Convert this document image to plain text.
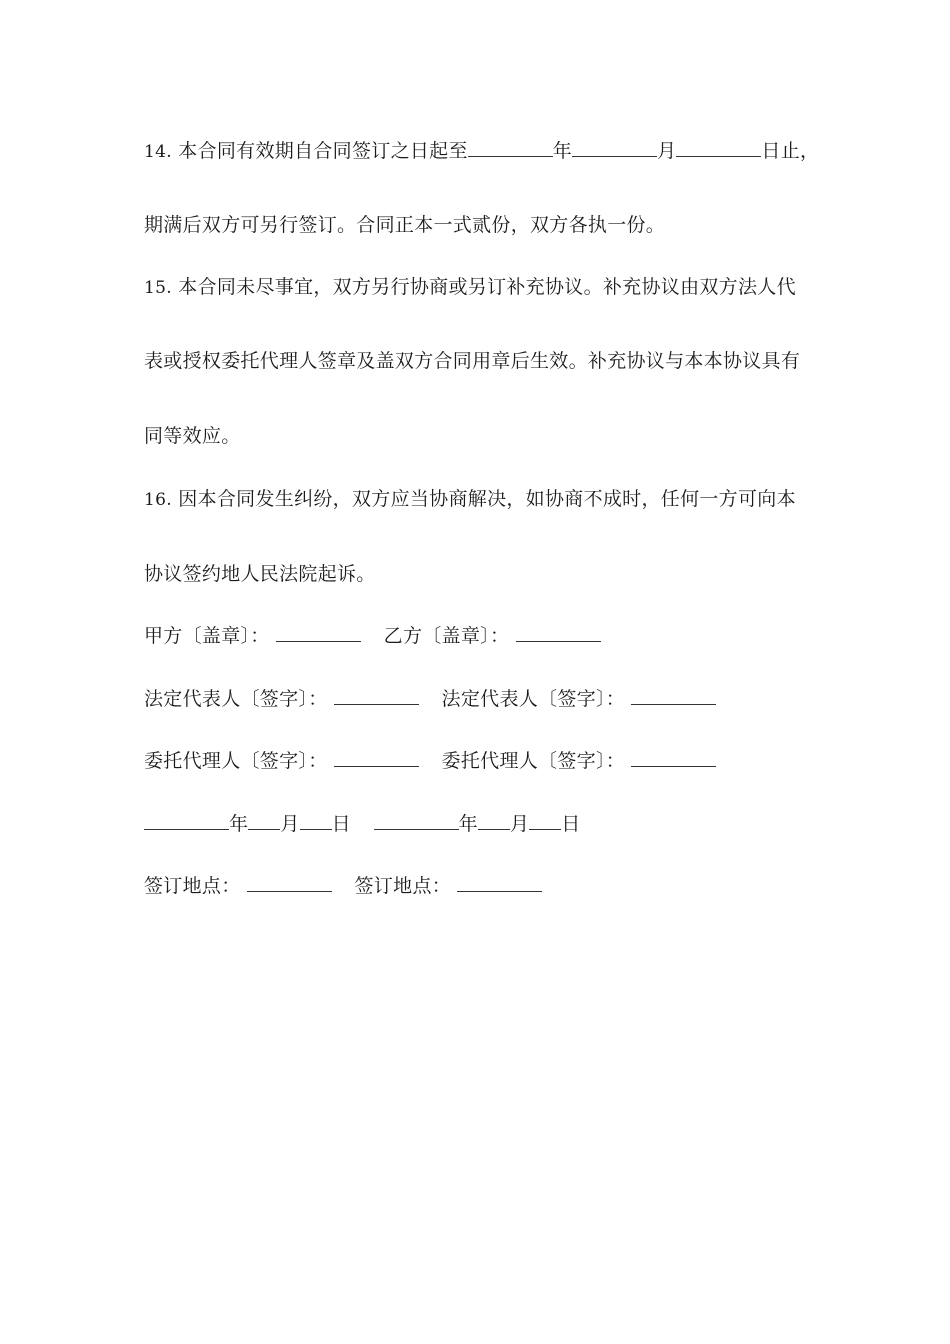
14. 本合同有效期自合同签订之日起至	年	月	日止，
期满后双方可另行签订。合同正本一式贰份，双方各执一份。
15. 本合同未尽事宜，双方另行协商或另订补充协议。补充协议由双方法人代
表或授权委托代理人签章及盖双方合同用章后生效。补充协议与本本协议具有
同等效应。
16. 因本合同发生纠纷，双方应当协商解决，如协商不成时，任何一方可向本
协议签约地人民法院起诉。
甲方〔盖章〕：	乙方〔盖章〕：
法定代表人〔签字〕：	法定代表人〔签字〕：
委托代理人〔签字〕：	委托代理人〔签字〕：
年 月 日	年 月 日
签订地点：	签订地点：
